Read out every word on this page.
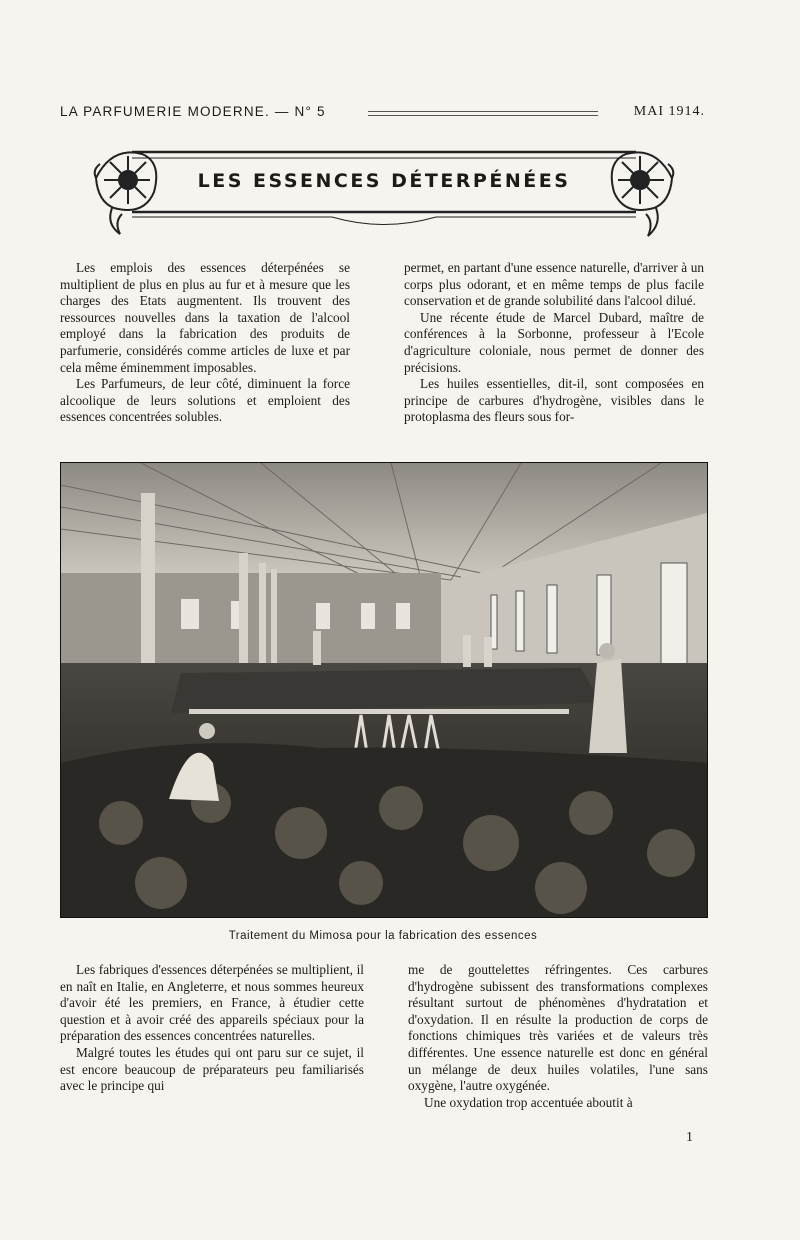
LA PARFUMERIE MODERNE. — N° 5	MAI 1914.
LES ESSENCES DÉTERPÉNÉES

Les emplois des essences déterpénées se multiplient de plus en plus au fur et à mesure que les charges des Etats augmentent. Ils trouvent des ressources nouvelles dans la taxation de l'alcool employé dans la fabrication des produits de parfumerie, considérés comme articles de luxe et par cela même éminemment imposables.

Les Parfumeurs, de leur côté, diminuent la force alcoolique de leurs solutions et emploient des essences concentrées solubles.

permet, en partant d'une essence naturelle, d'arriver à un corps plus odorant, et en même temps de plus facile conservation et de grande solubilité dans l'alcool dilué.

Une récente étude de Marcel Dubard, maître de conférences à la Sorbonne, professeur à l'Ecole d'agriculture coloniale, nous permet de donner des précisions.

Les huiles essentielles, dit-il, sont composées en principe de carbures d'hydrogène, visibles dans le protoplasma des fleurs sous for-

Traitement du Mimosa pour la fabrication des essences

Les fabriques d'essences déterpénées se multiplient, il en naît en Italie, en Angleterre, et nous sommes heureux d'avoir été les premiers, en France, à étudier cette question et à avoir créé des appareils spéciaux pour la préparation des essences concentrées naturelles.

Malgré toutes les études qui ont paru sur ce sujet, il est encore beaucoup de préparateurs peu familiarisés avec le principe qui

me de gouttelettes réfringentes. Ces carbures d'hydrogène subissent des transformations complexes résultant surtout de phénomènes d'hydratation et d'oxydation. Il en résulte la production de corps de fonctions chimiques très variées et de valeurs très différentes. Une essence naturelle est donc en général un mélange de deux huiles volatiles, l'une sans oxygène, l'autre oxygénée.

Une oxydation trop accentuée aboutit à

1
